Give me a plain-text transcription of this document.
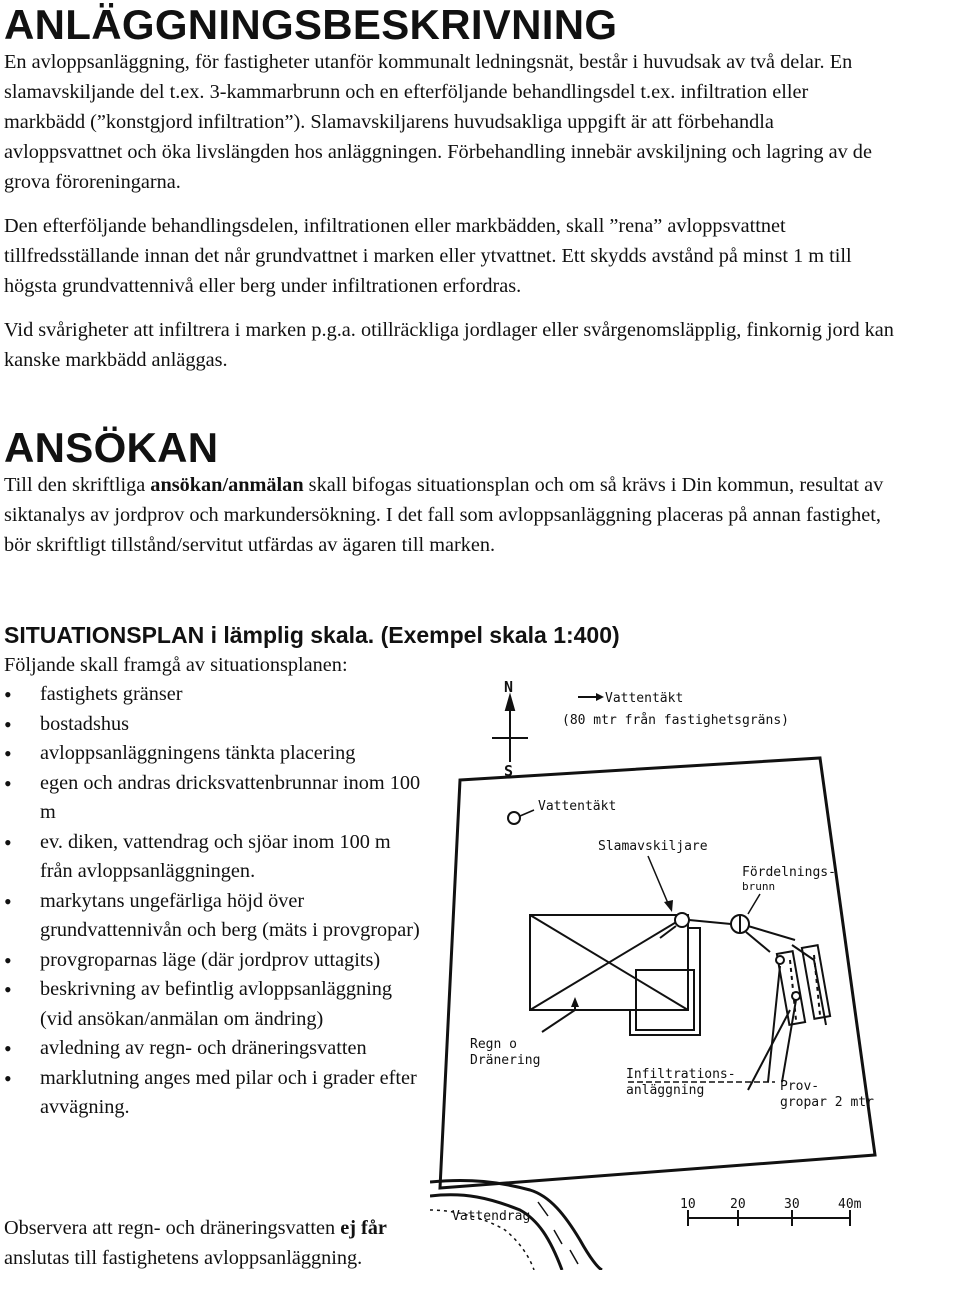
ANLÄGGNINGSBESKRIVNING

En avloppsanläggning, för fastigheter utanför kommunalt ledningsnät, består i huvudsak av två delar. En slamavskiljande del t.ex. 3-kammarbrunn och en efterföljande behandlingsdel t.ex. infiltration eller markbädd (”konstgjord infiltration”). Slamavskiljarens huvudsakliga uppgift är att förbehandla avloppsvattnet och öka livslängden hos anläggningen. Förbehandling innebär avskiljning och lagring av de grova föroreningarna.

Den efterföljande behandlingsdelen, infiltrationen eller markbädden, skall ”rena” avloppsvattnet tillfredsställande innan det når grundvattnet i marken eller ytvattnet. Ett skydds avstånd på minst 1 m till högsta grundvattennivå eller berg under infiltrationen erfordras.

Vid svårigheter att infiltrera i marken p.g.a. otillräckliga jordlager eller svårgenomsläpplig, finkornig jord kan kanske markbädd anläggas.

ANSÖKAN
Till den skriftliga ansökan/anmälan skall bifogas situationsplan och om så krävs i Din kommun, resultat av siktanalys av jordprov och markundersökning. I det fall som avloppsanläggning placeras på annan fastighet, bör skriftligt tillstånd/servitut utfärdas av ägaren till marken.
SITUATIONSPLAN i lämplig skala. (Exempel skala 1:400)
Följande skall framgå av situationsplanen:
• fastighets gränser
• bostadshus
• avloppsanläggningens tänkta placering
• egen och andras dricksvattenbrunnar inom 100 m
• ev. diken, vattendrag och sjöar inom 100 m från avloppsanläggningen.
• markytans ungefärliga höjd över grundvattennivån och berg (mäts i provgropar)
• provgroparnas läge (där jordprov uttagits)
• beskrivning av befintlig avloppsanläggning (vid ansökan/anmälan om ändring)
• avledning av regn- och dräneringsvatten
• marklutning anges med pilar och i grader efter avvägning.
Observera att regn- och dräneringsvatten ej får anslutas till fastighetens avloppsanläggning.
N
S
Vattentäkt
(80 mtr från fastighetsgräns)
Vattentäkt
Slamavskiljare
Fördelnings-
brunn
Regn o
Dränering
Infiltrations-
anläggning	Prov-
gropar 2 mtr
10	20	30	40m
Vattendrag
